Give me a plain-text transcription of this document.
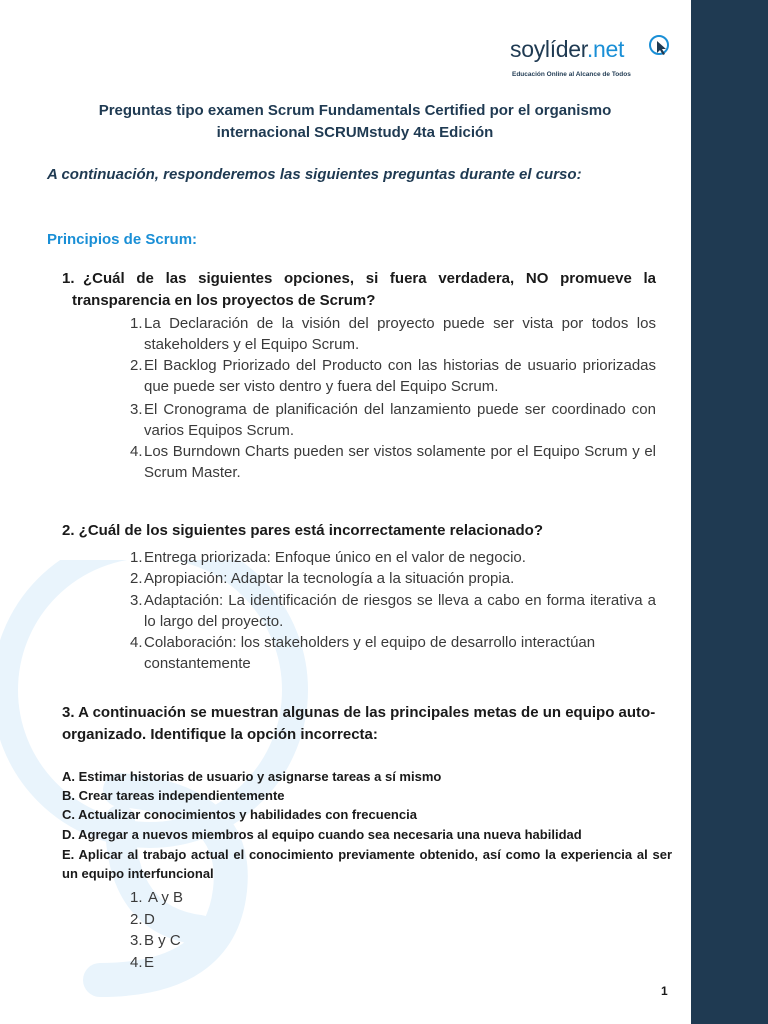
soylíder.net
Educación Online al Alcance de Todos
Preguntas tipo examen Scrum Fundamentals Certified por el organismo internacional SCRUMstudy 4ta Edición
A continuación, responderemos las siguientes preguntas durante el curso:
Principios de Scrum:
1. ¿Cuál de las siguientes opciones, si fuera verdadera, NO promueve la transparencia en los proyectos de Scrum?
1. La Declaración de la visión del proyecto puede ser vista por todos los stakeholders y el Equipo Scrum.
2. El Backlog Priorizado del Producto con las historias de usuario priorizadas que puede ser visto dentro y fuera del Equipo Scrum.
3. El Cronograma de planificación del lanzamiento puede ser coordinado con varios Equipos Scrum.
4. Los Burndown Charts pueden ser vistos solamente por el Equipo Scrum y el Scrum Master.
2. ¿Cuál de los siguientes pares está incorrectamente relacionado?
1. Entrega priorizada: Enfoque único en el valor de negocio.
2. Apropiación: Adaptar la tecnología a la situación propia.
3. Adaptación: La identificación de riesgos se lleva a cabo en forma iterativa a lo largo del proyecto.
4. Colaboración: los stakeholders y el equipo de desarrollo interactúan constantemente
3. A continuación se muestran algunas de las principales metas de un equipo auto-organizado. Identifique la opción incorrecta:
A. Estimar historias de usuario y asignarse tareas a sí mismo
B. Crear tareas independientemente
C. Actualizar conocimientos y habilidades con frecuencia
D. Agregar a nuevos miembros al equipo cuando sea necesaria una nueva habilidad
E. Aplicar al trabajo actual el conocimiento previamente obtenido, así como la experiencia al ser un equipo interfuncional
1. A y B
2. D
3. B y C
4. E
1
